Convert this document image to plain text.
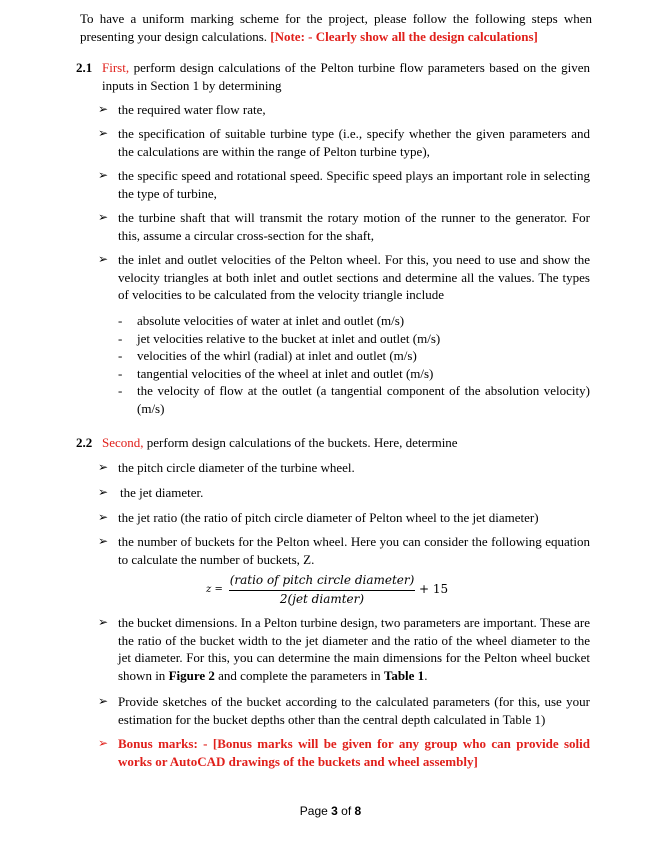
To have a uniform marking scheme for the project, please follow the following steps when presenting your design calculations. [Note: - Clearly show all the design calculations]
2.1 First, perform design calculations of the Pelton turbine flow parameters based on the given inputs in Section 1 by determining
➢ the required water flow rate,
➢ the specification of suitable turbine type (i.e., specify whether the given parameters and the calculations are within the range of Pelton turbine type),
➢ the specific speed and rotational speed. Specific speed plays an important role in selecting the type of turbine,
➢ the turbine shaft that will transmit the rotary motion of the runner to the generator. For this, assume a circular cross-section for the shaft,
➢ the inlet and outlet velocities of the Pelton wheel. For this, you need to use and show the velocity triangles at both inlet and outlet sections and determine all the values. The types of velocities to be calculated from the velocity triangle include
- absolute velocities of water at inlet and outlet (m/s)
- jet velocities relative to the bucket at inlet and outlet (m/s)
- velocities of the whirl (radial) at inlet and outlet (m/s)
- tangential velocities of the wheel at inlet and outlet (m/s)
- the velocity of flow at the outlet (a tangential component of the absolution velocity) (m/s)
2.2 Second, perform design calculations of the buckets. Here, determine
➢ the pitch circle diameter of the turbine wheel.
➢ the jet diameter.
➢ the jet ratio (the ratio of pitch circle diameter of Pelton wheel to the jet diameter)
➢ the number of buckets for the Pelton wheel. Here you can consider the following equation to calculate the number of buckets, Z.
z =
(ratio of pitch circle diameter)
2(jet diamter)
+ 15
➢ the bucket dimensions. In a Pelton turbine design, two parameters are important. These are the ratio of the bucket width to the jet diameter and the ratio of the wheel diameter to the jet diameter. For this, you can determine the main dimensions for the Pelton wheel bucket shown in Figure 2 and complete the parameters in Table 1.
➢ Provide sketches of the bucket according to the calculated parameters (for this, use your estimation for the bucket depths other than the central depth calculated in Table 1)
➢ Bonus marks: - [Bonus marks will be given for any group who can provide solid works or AutoCAD drawings of the buckets and wheel assembly]
Page 3 of 8
